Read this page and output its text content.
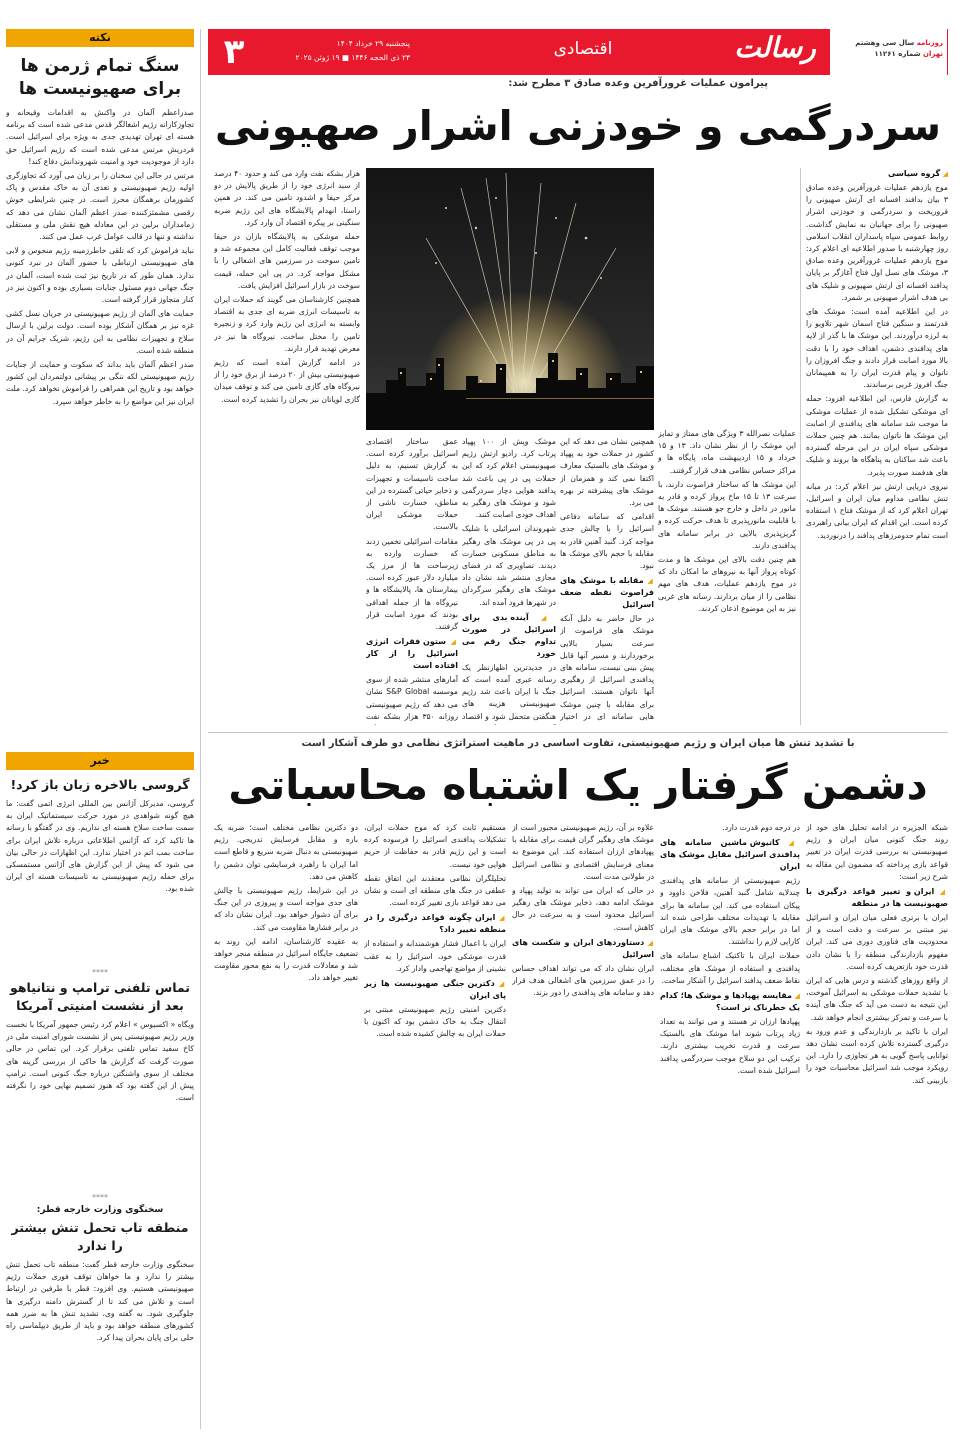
روزنامه سال سی وهشتم
تهران شماره ۱۱۲۶۱
رسالت
اقتصادی
پنجشنبه ۲۹ خرداد ۱۴۰۴
۲۳ ذی الحجه ۱۴۴۶ ■ ۱۹ ژوئن ۲۰۲۵
۳
پیرامون عملیات غرورآفرین وعده صادق ۳ مطرح شد:
سردرگمی و خودزنی اشرار صهیونی
◢ گروه سیاسی

موج یازدهم عملیات غرورآفرین وعده صادق ۳ بیان بدافند افسانه ای آرتش صهیونی را فروریخت و سردرگمی و خودزنی اشرار صهیونی را برای جهانیان به نمایش گذاشت. روابط عمومی سپاه پاسداران انقلاب اسلامی روز چهارشنبه با صدور اطلاعیه ای اعلام کرد: موج یازدهم عملیات غرورآفرین وعده صادق ۳، موشک های نسل اول فتاح آغازگر بر پایان پدافند افسانه ای ارتش صهیونی و شلیک های بی هدف اشرار صهیونی بر شمرد.

در این اطلاعیه آمده است: موشک های قدرتمند و سنگین فتاح اسمان شهر تلاویو را به لرزه درآوردند. این موشک ها با گذر از لایه های پدافندی دشمن، اهداف خود را با دقت بالا مورد اصابت قرار دادند و جنگ افروزان را ناتوان و پیام قدرت ایران را به همپیمانان جنگ افروز غربی برساندند.

به گزارش فارس، این اطلاعیه افزود: حمله ای موشکی تشکیل شده از عملیات موشکی ما موجب شد سامانه های پدافندی از اصابت این موشک ها ناتوان بمانند. هم چنین حملات موشکی سپاه ایران در این مرحله گسترده باعث شد ساکنان به پناهگاه ها بروند و شلیک های هدفمند صورت پذیرد.

نیروی دریایی ارتش نیز اعلام کرد: در میانه تنش نظامی مداوم میان ایران و اسرائیل، تهران اعلام کرد که از موشک فتاح ۱ استفاده کرده است. این اقدام که ایران بیانی راهبردی است تمام حدومرزهای پدافند را درنوردید.

عملیات نصرالله ۳ ویژگی های ممتاز و تمایز این موشک را از نظر نشان داد. ۱۳ و ۱۵ خرداد و ۱۵ اردیبهشت ماه، پایگاه ها و مراکز حساس نظامی هدف قرار گرفتند.

این موشک ها که ساختار فراصوت دارند، با سرعت ۱۳ تا ۱۵ ماخ پرواز کرده و قادر به مانور در داخل و خارج جو هستند. موشک ها با قابلیت مانورپذیری تا هدف حرکت کرده و گریزپذیری بالایی در برابر سامانه های پدافندی دارند.

هم چنین دقت بالای این موشک ها و مدت کوتاه پرواز آنها به نیروهای ما امکان داد که در موج یازدهم عملیات، هدف های مهم نظامی را از میان بردارند. رسانه های غربی نیز به این موضوع اذعان کردند.

هزار بشکه نفت وارد می کند و حدود ۴۰ درصد از سبد انرژی خود را از طریق پالایش در دو مرکز حیفا و اشدود تامین می کند. در همین راستا، انهدام پالایشگاه های این رژیم ضربه سنگینی بر پیکره اقتصاد آن وارد کرد.

حمله موشکی به پالایشگاه بازان در حیفا موجب توقف فعالیت کامل این مجموعه شد و تامین سوخت در سرزمین های اشغالی را با مشکل مواجه کرد. در پی این حمله، قیمت سوخت در بازار اسرائیل افزایش یافت.

همچنین کارشناسان می گویند که حملات ایران به تاسیسات انرژی ضربه ای جدی به اقتصاد وابسته به انرژی این رژیم وارد کرد و زنجیره تامین را مختل ساخت. نیروگاه ها نیز در معرض تهدید قرار دارند.

در ادامه گزارش آمده است که رژیم صهیونیستی بیش از ۲۰ درصد از برق خود را از نیروگاه های گازی تامین می کند و توقف میدان گازی لویاتان نیز بحران را تشدید کرده است.

همچنین نشان می دهد که این کشور در حملات خود به پهپاد و موشک های بالستیک معارف اکتفا نمی کند و همزمان از موشک های پیشرفته تر بهره می برد.

اقدامی که سامانه دفاعی اسرائیل را با چالش جدی مواجه کرد. گنبد آهنین قادر به مقابله با حجم بالای موشک ها نبود.

◢ مقابله با موشک های فراصوت نقطه ضعف اسرائیل

در حال حاضر به دلیل آنکه موشک های فراصوت از سرعت بسیار بالایی برخوردارند و مسیر آنها قابل پیش بینی نیست، سامانه های پدافندی اسرائیل از رهگیری آنها ناتوان هستند. اسرائیل برای مقابله با چنین موشک هایی سامانه ای در اختیار

موشک ویش از ۱۰۰ پهپاد پرتاب کرد. رادیو ارتش رژیم صهیونیستی اعلام کرد که این حملات پی در پی باعث شد پدافند هوایی دچار سردرگمی شود و موشک های رهگیر به اهداف خودی اصابت کنند.

شهروندان اسرائیلی با شلیک پی در پی موشک های رهگیر به مناطق مسکونی خسارت دیدند. تصاویری که در فضای مجازی منتشر شد نشان داد موشک های رهگیر سرگردان در شهرها فرود آمده اند.

◢ آینده بدی برای اسرائیل در صورت تداوم جنگ رقم می خورد

در جدیدترین اظهارنظر یک رسانه عبری آمده است که جنگ با ایران باعث شد رژیم صهیونیستی هزینه های هنگفتی متحمل شود و اقتصاد

عمق ساختار اقتصادی اسرائیل برآورد کرده است. به گزارش تسنیم، به دلیل ساخت تاسیسات و تجهیزات و ذخایر حیاتی گسترده در این مناطق، خسارت ناشی از حملات موشکی ایران بالاست.

مقامات اسرائیلی تخمین زدند که خسارت وارده به زیرساخت ها از مرز یک میلیارد دلار عبور کرده است. بیمارستان ها، پالایشگاه ها و نیروگاه ها از جمله اهدافی بودند که مورد اصابت قرار گرفتند.

◢ ستون فقرات انرژی اسرائیل را از کار افتاده است

آمارهای منتشر شده از سوی موسسه S&P Global نشان می دهد که رژیم صهیونیستی روزانه ۳۵۰ هزار بشکه نفت

با تشدید تنش ها میان ایران و رژیم صهیونیستی، تفاوت اساسی در ماهیت استراتژی نظامی دو طرف آشکار است
دشمن گرفتار یک اشتباه محاسباتی

شبکه الجزیره در ادامه تحلیل های خود از روند جنگ کنونی میان ایران و رژیم صهیونیستی به بررسی قدرت ایران در تغییر قواعد بازی پرداخته که مضمون این مقاله به شرح زیر است:

◢ ایران و تغییر قواعد درگیری با صهیونیست ها در منطقه

ایران با برتری فعلی میان ایران و اسرائیل نیز مبتنی بر سرعت و دقت است و از محدودیت های فناوری دوری می کند. ایران مفهوم بازدارندگی منطقه را با نشان دادن قدرت خود بازتعریف کرده است.

از واقع روزهای گذشته و درس هایی که ایران با تشدید حملات موشکی به اسرائیل آموخت، این نتیجه به دست می آید که جنگ های آینده با سرعت و تمرکز بیشتری انجام خواهد شد.

ایران با تاکید بر بازدارندگی و عدم ورود به درگیری گسترده تلاش کرده است نشان دهد توانایی پاسخ گویی به هر تجاوزی را دارد. این رویکرد موجب شد اسرائیل محاسبات خود را بازبینی کند.

در درجه دوم قدرت دارد.

◢ کاتیوش ماشین سامانه های پدافندی اسرائیل مقابل موشک های ایران

رژیم صهیونیستی از سامانه های پدافندی چندلایه شامل گنبد آهنین، فلاخن داوود و پیکان استفاده می کند. این سامانه ها برای مقابله با تهدیدات مختلف طراحی شده اند اما در برابر حجم بالای موشک های ایران کارایی لازم را نداشتند.

حملات ایران با تاکتیک اشباع سامانه های پدافندی و استفاده از موشک های مختلف، نقاط ضعف پدافند اسرائیل را آشکار ساخت.

◢ مقایسه پهپادها و موشک ها؛ کدام یک خطرناک تر است؟

پهپادها ارزان تر هستند و می توانند به تعداد زیاد پرتاب شوند اما موشک های بالستیک سرعت و قدرت تخریب بیشتری دارند. ترکیب این دو سلاح موجب سردرگمی پدافند اسرائیل شده است.

علاوه بر آن، رژیم صهیونیستی مجبور است از موشک های رهگیر گران قیمت برای مقابله با پهپادهای ارزان استفاده کند. این موضوع به معنای فرسایش اقتصادی و نظامی اسرائیل در طولانی مدت است.

در حالی که ایران می تواند به تولید پهپاد و موشک ادامه دهد، ذخایر موشک های رهگیر اسرائیل محدود است و به سرعت در حال کاهش است.

◢ دستاوردهای ایران و شکست های اسرائیل

ایران نشان داد که می تواند اهداف حساس را در عمق سرزمین های اشغالی هدف قرار دهد و سامانه های پدافندی را دور بزند.

مستقیم ثابت کرد که موج حملات ایران، تشکیلات پدافندی اسرائیل را فرسوده کرده است و این رژیم قادر به حفاظت از حریم هوایی خود نیست.

تحلیلگران نظامی معتقدند این اتفاق نقطه عطفی در جنگ های منطقه ای است و نشان می دهد قواعد بازی تغییر کرده است.

◢ ایران چگونه قواعد درگیری را در منطقه تغییر داد؟

ایران با اعمال فشار هوشمندانه و استفاده از قدرت موشکی خود، اسرائیل را به عقب نشینی از مواضع تهاجمی وادار کرد.

◢ دکترین جنگی صهیونیست ها زیر پای ایران

دکترین امنیتی رژیم صهیونیستی مبتنی بر انتقال جنگ به خاک دشمن بود که اکنون با حملات ایران به چالش کشیده شده است.

دو دکترین نظامی مختلف است؛ ضربه یک باره و مقابل فرسایش تدریجی. رژیم صهیونیستی به دنبال ضربه سریع و قاطع است اما ایران با راهبرد فرسایشی توان دشمن را کاهش می دهد.

در این شرایط، رژیم صهیونیستی با چالش های جدی مواجه است و پیروزی در این جنگ برای آن دشوار خواهد بود. ایران نشان داد که در برابر فشارها مقاومت می کند.

به عقیده کارشناسان، ادامه این روند به تضعیف جایگاه اسرائیل در منطقه منجر خواهد شد و معادلات قدرت را به نفع محور مقاومت تغییر خواهد داد.

نکته
سنگ تمام ژرمن ها برای صهیونیست ها

صدراعظم آلمان در واکنش به اقدامات وقیحانه و تجاوزکارانه رژیم اشغالگر قدس مدعی شده است که برنامه هسته ای تهران تهدیدی جدی به ویژه برای اسرائیل است. فردریش مرتس مدعی شده است که رژیم اسرائیل حق دارد از موجودیت خود و امنیت شهروندانش دفاع کند!

مرتس در حالی این سخنان را بر زبان می آورد که تجاوزگری اولیه رژیم صهیونیستی و تعدی آن به خاک مقدس و پاک کشورمان برهمگان محرز است. در چنین شرایطی خوش رقصی مشمئزکننده صدر اعظم آلمان نشان می دهد که زمامداران برلین در این معادله هیچ نقش ملی و مستقلی نداشته و تنها در قالب عوامل غرب عمل می کنند.

نباید فراموش کرد که تلقی خاطرزمینه رژیم منحوس و لابی های صهیونیستی ارتباطی با حضور آلمان در نبرد کنونی ندارد. همان طور که در تاریخ نیز ثبت شده است، آلمان در جنگ جهانی دوم مسئول جنایات بسیاری بوده و اکنون نیز در کنار متجاوز قرار گرفته است.

حمایت های آلمان از رژیم صهیونیستی در جریان نسل کشی غزه نیز بر همگان آشکار بوده است. دولت برلین با ارسال سلاح و تجهیزات نظامی به این رژیم، شریک جرایم آن در منطقه شده است.

صدر اعظم آلمان باید بداند که سکوت و حمایت از جنایات رژیم صهیونیستی لکه ننگی بر پیشانی دولتمردان این کشور خواهد بود و تاریخ این همراهی را فراموش نخواهد کرد. ملت ایران نیز این مواضع را به خاطر خواهد سپرد.

خبر
گروسی بالاخره زبان باز کرد!
گروسی، مدیرکل آژانس بین المللی انرژی اتمی گفت: ما هیچ گونه شواهدی در مورد حرکت سیستماتیک ایران به سمت ساخت سلاح هسته ای نداریم. وی در گفتگو با رسانه ها تاکید کرد که آژانس اطلاعاتی درباره تلاش ایران برای ساخت بمب اتم در اختیار ندارد. این اظهارات در حالی بیان می شود که پیش از این گزارش های آژانس مستمسکی برای حمله رژیم صهیونیستی به تاسیسات هسته ای ایران شده بود.
****
تماس تلفنی ترامپ و نتانیاهو بعد از نشست امنیتی آمریکا
ویگاه « اکسیوس » اعلام کرد رئیس جمهور آمریکا با نخست وزیر رژیم صهیونیستی پس از نشست شورای امنیت ملی در کاخ سفید تماس تلفنی برقرار کرد. این تماس در حالی صورت گرفت که گزارش ها حاکی از بررسی گزینه های مختلف از سوی واشنگتن درباره جنگ کنونی است. ترامپ پیش از این گفته بود که هنوز تصمیم نهایی خود را نگرفته است.
****
سخنگوی وزارت خارجه قطر:
منطقه تاب تحمل تنش بیشتر را ندارد
سخنگوی وزارت خارجه قطر گفت: منطقه تاب تحمل تنش بیشتر را ندارد و ما خواهان توقف فوری حملات رژیم صهیونیستی هستیم. وی افزود: قطر با طرفین در ارتباط است و تلاش می کند تا از گسترش دامنه درگیری ها جلوگیری شود. به گفته وی، تشدید تنش ها به ضرر همه کشورهای منطقه خواهد بود و باید از طریق دیپلماسی راه حلی برای پایان بحران پیدا کرد.
